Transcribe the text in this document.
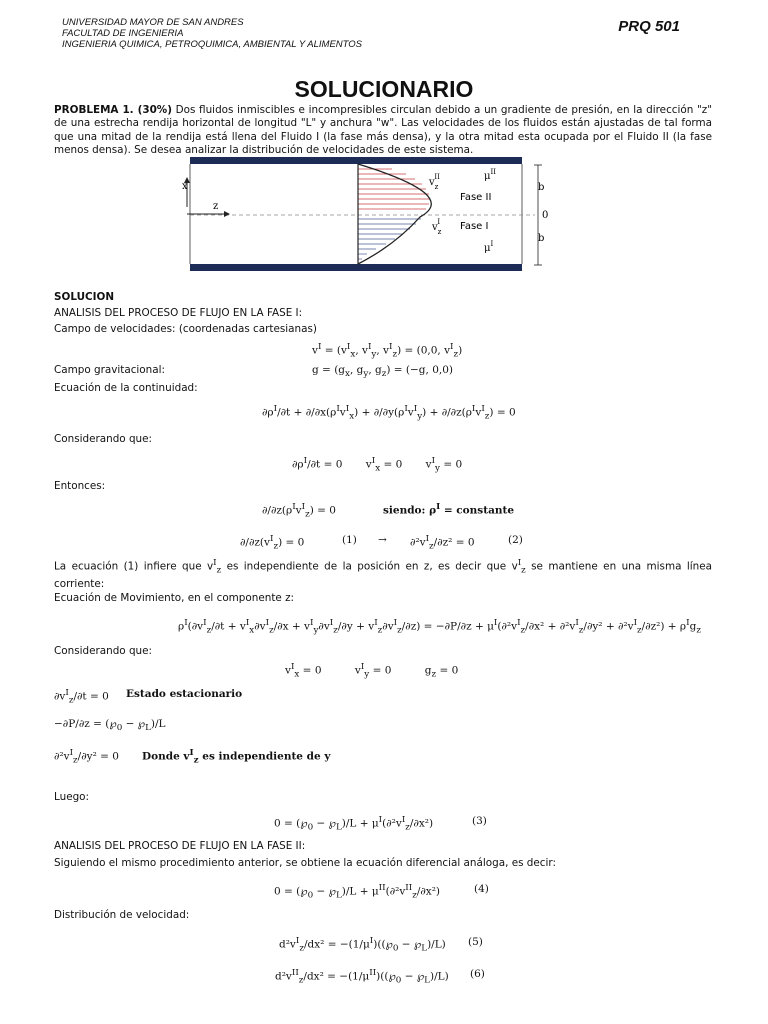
UNIVERSIDAD MAYOR DE SAN ANDRES
FACULTAD DE INGENIERIA
INGENIERIA QUIMICA, PETROQUIMICA, AMBIENTAL Y ALIMENTOS
PRQ 501
SOLUCIONARIO
PROBLEMA 1. (30%) Dos fluidos inmiscibles e incompresibles circulan debido a un gradiente de presión, en la dirección "z" de una estrecha rendija horizontal de longitud "L" y anchura "w". Las velocidades de los fluidos están ajustadas de tal forma que una mitad de la rendija está llena del Fluido I (la fase más densa), y la otra mitad esta ocupada por el Fluido II (la fase menos densa). Se desea analizar la distribución de velocidades de este sistema.
x
z
$v_zII$
$v_zI$
$\mu^{II}$
$\mu^I$
Fase II
Fase I
b
0
b
SOLUCION
ANALISIS DEL PROCESO DE FLUJO EN LA FASE I:
Campo de velocidades: (coordenadas cartesianas)
$v^I = (v^I_x$, $v^I_y$, $v^I_z) = (0,0$, $v^I_z$)
Campo gravitacional:	$g = (g_x$, $g_y$, $g_z) = (-g$, 0,0)
Ecuación de la continuidad:
$\partial\rho^I/\partial t + \partial/\partial x(\rho^Iv^I_x) + \partial/\partial y(\rho^Iv^I_y) + \partial/\partial z(\rho^Iv^I_z) = 0$
Considerando que:
$\partial\rho^I/\partial t = 0$       $v^I_x = 0$       $v^I_y = 0$
Entonces:
$\partial/\partial z(\rho^Iv^I_z) = 0$	siendo: $\rho^I$ = constante
$\partial/\partial z(v^I_z) = 0$	$(1) \to \partial^2v^I_z/\partial z^2 = 0$	(2)
La ecuación (1) infiere que $v^I_z$ es independiente de la posición en z, es decir que $v^I_z$ se mantiene en una misma línea corriente:
Ecuación de Movimiento, en el componente z:
$\rho^I(\partial v^I_z/\partial t + v^I_x\partial v^I_z/\partial x + v^I_y\partial v^I_z/\partial y + v^I_z\partial v^I_z/\partial z) = -\partial P/\partial z + \mu^I(\partial^2v^I_z/\partial x^2 + \partial^2v^I_z/\partial y^2 + \partial^2v^I_z/\partial z^2) + \rho^Ig_z$
Considerando que:
$v^I_x = 0$          $v^I_y = 0$          $g_z = 0$
$\partial v^I_z/\partial t = 0$ Estado estacionario
$-\partial P/\partial z = (℘_0$ − $℘_L)/L$
$\partial^2v^I_z/\partial y^2 = 0$ Donde $v^I_z$ es independiente de y
Luego:
$0 = (℘_0$ − $℘_L)/L + \mu^I(\partial^2v^I_z/\partial x^2)$	(3)
ANALISIS DEL PROCESO DE FLUJO EN LA FASE II:
Siguiendo el mismo procedimiento anterior, se obtiene la ecuación diferencial análoga, es decir:
$0 = (℘_0$ − $℘_L)/L + \mu^{II}(\partial^2v^{II}_z/\partial x^2)$	(4)
Distribución de velocidad:
$d^2v^I_z$/dx² = $-(1/\mu^I)((℘_0$ − $℘_L)/L$) (5)
$d^2v^{II}_z$/dx² = $-(1/\mu^{II})((℘_0$ − $℘_L)/L$) (6)
